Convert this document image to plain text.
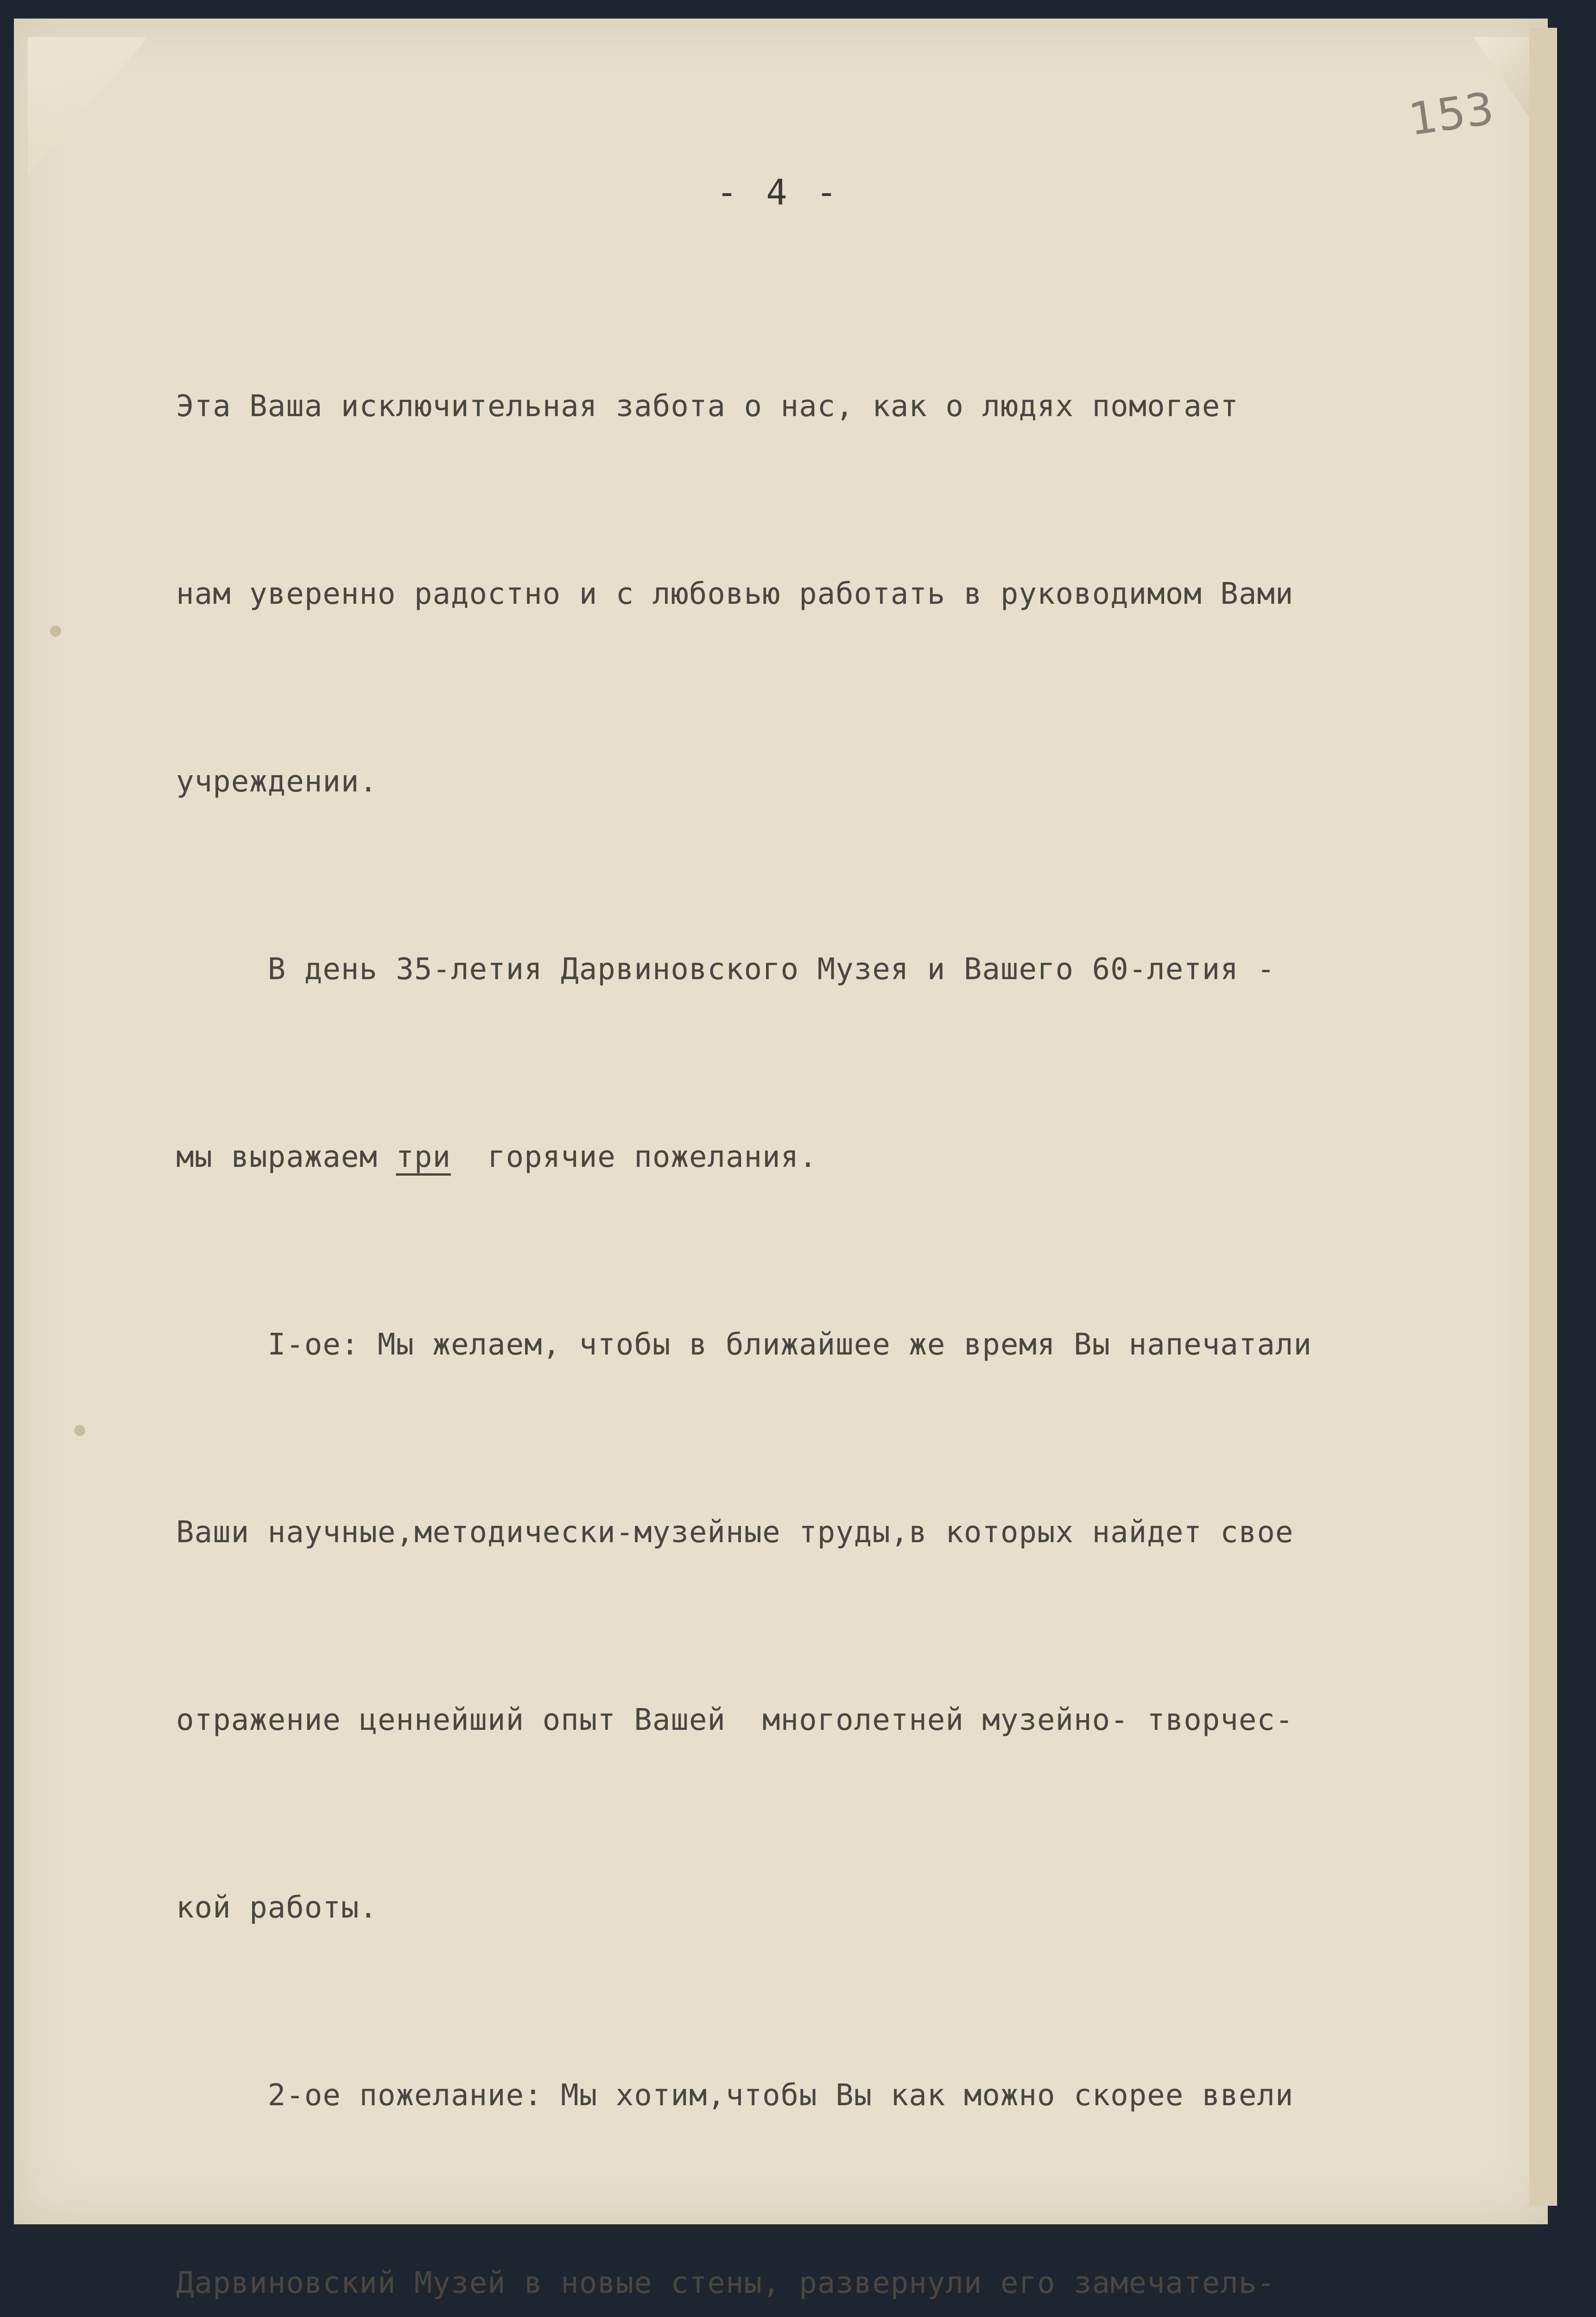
153
- 4 -

Эта Ваша исключительная забота о нас, как о людях помогает

нам уверенно радостно и с любовью работать в руководимом Вами

учреждении.

В день 35-летия Дарвиновского Музея и Вашего 60-летия -

мы выражаем три  горячие пожелания.

I-ое: Мы желаем, чтобы в ближайшее же время Вы напечатали

Ваши научные,методически-музейные труды,в которых найдет свое

отражение ценнейший опыт Вашей  многолетней музейно- творчес-

кой работы.

2-ое пожелание: Мы хотим,чтобы Вы как можно скорее ввели

Дарвиновский Музей в новые стены, развернули его замечатель-
